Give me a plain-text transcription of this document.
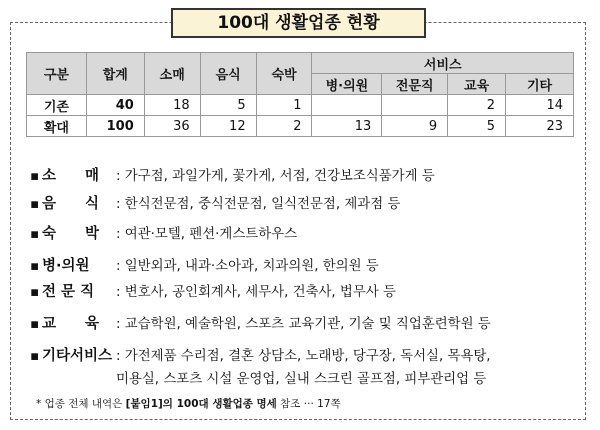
100대 생활업종 현황
구분	합계	소매	음식	숙박	서비스			
					병·의원	전문직	교육	기타
기존	40	18	5	1			2	14
확대	100	36	12	2	13	9	5	23
▪ 소　　매 : 가구점, 과일가게, 꽃가게, 서점, 건강보조식품가게 등
▪ 음　　식 : 한식전문점, 중식전문점, 일식전문점, 제과점 등
▪ 숙　　박 : 여관·모텔, 펜션·게스트하우스
▪ 병·의원 : 일반외과, 내과·소아과, 치과의원, 한의원 등
▪ 전 문 직 : 변호사, 공인회계사, 세무사, 건축사, 법무사 등
▪ 교　　육 : 교습학원, 예술학원, 스포츠 교육기관, 기술 및 직업훈련학원 등
▪ 기타서비스 : 가전제품 수리점, 결혼 상담소, 노래방, 당구장, 독서실, 목욕탕,
미용실, 스포츠 시설 운영업, 실내 스크린 골프점, 피부관리업 등
* 업종 전체 내역은 [붙임1]의 100대 생활업종 명세 참조 ··· 17쪽
